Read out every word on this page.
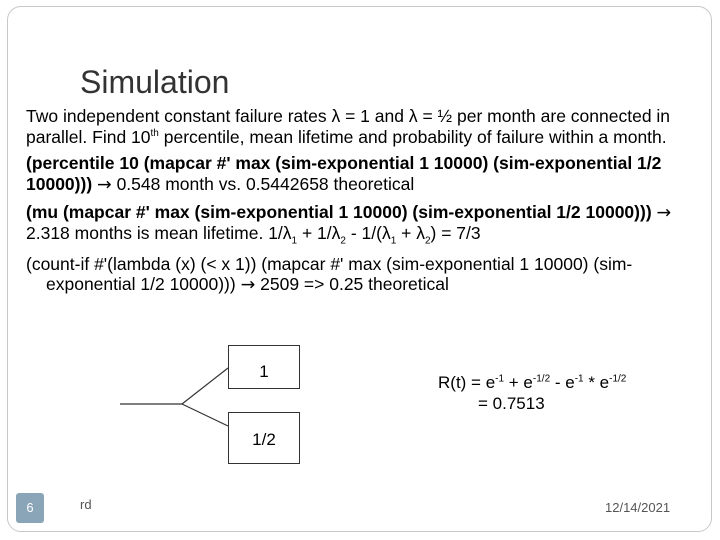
Simulation

Two independent constant failure rates λ = 1 and λ = ½ per month are connected in parallel. Find 10th percentile, mean lifetime and probability of failure within a month.

(percentile 10 (mapcar #' max (sim-exponential 1 10000) (sim-exponential 1/2 10000))) → 0.548 month vs. 0.5442658 theoretical

(mu (mapcar #' max (sim-exponential 1 10000) (sim-exponential 1/2 10000))) → 2.318 months is mean lifetime. $1/\lambda_1 + 1/\lambda_2 - 1/(\lambda_1 + \lambda_2) = 7/3$

(count-if #'(lambda (x) (< x 1)) (mapcar #' max (sim-exponential 1 10000) (sim-exponential 1/2 10000))) → 2509 => 0.25 theoretical

1
1/2
$R(t) = e^{-1} + e^{-1/2} - e^{-1} * e^{-1/2}$
= 0.7513
6	rd	12/14/2021
